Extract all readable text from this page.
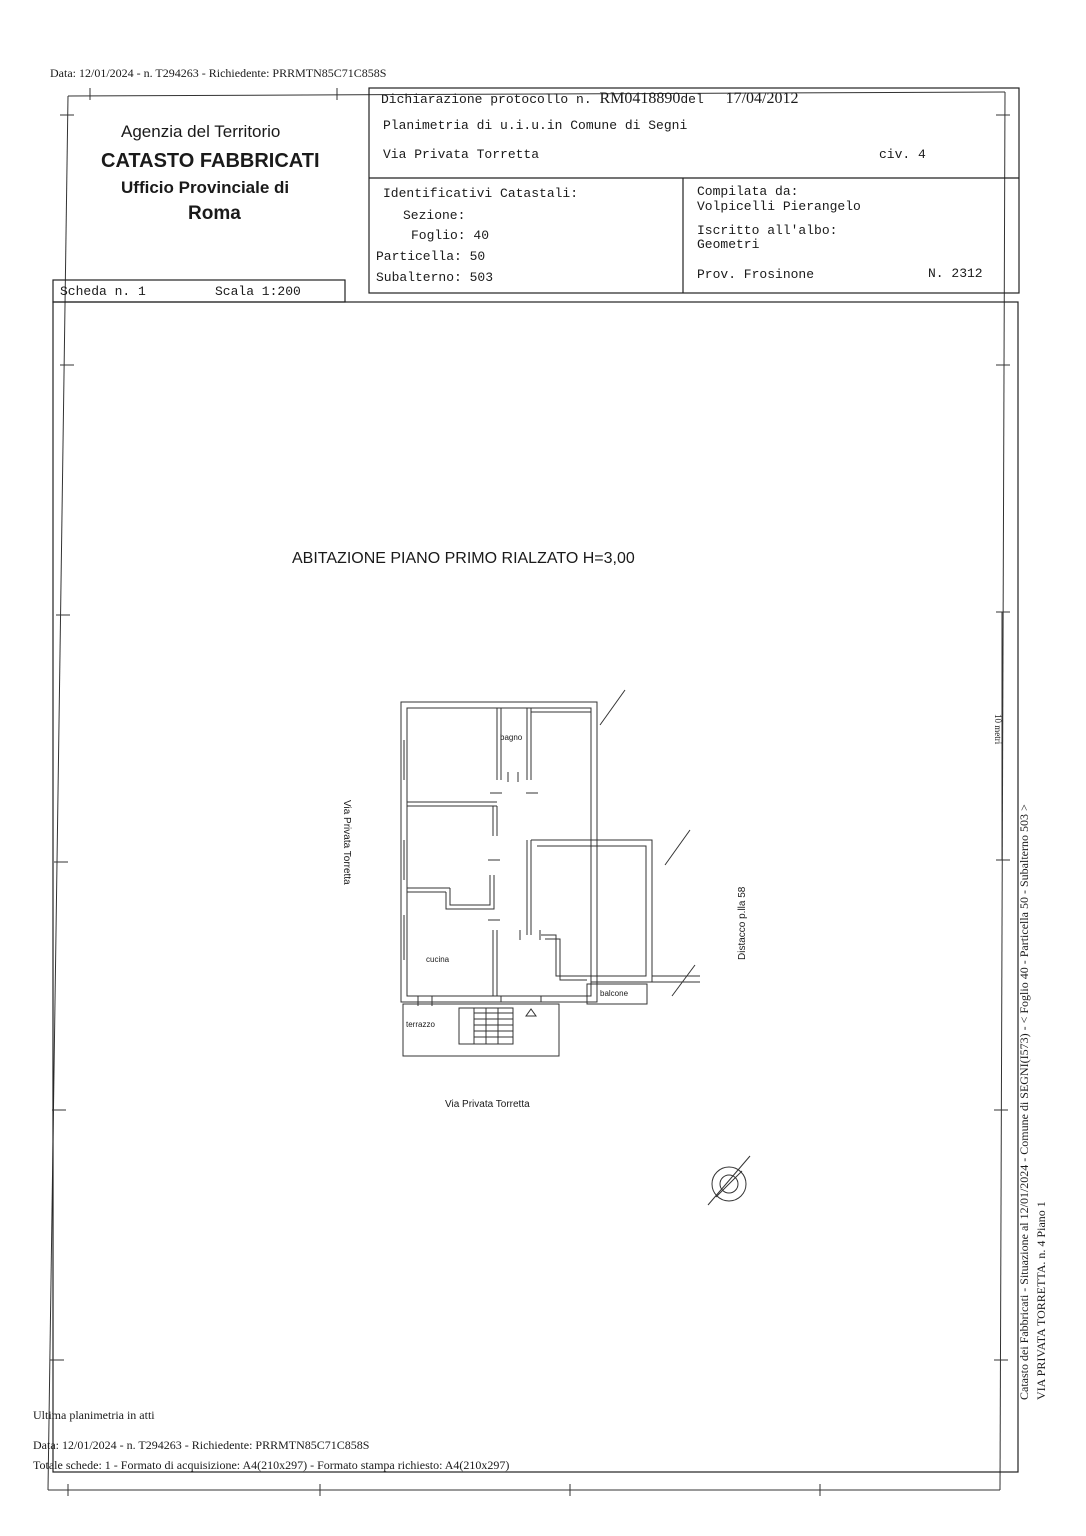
Data: 12/01/2024 - n. T294263 - Richiedente: PRRMTN85C71C858S
Agenzia del Territorio
CATASTO FABBRICATI
Ufficio Provinciale di
Roma
Dichiarazione protocollo n. RM0418890del 17/04/2012
Planimetria di u.i.u.in Comune di Segni
Via Privata Torretta	civ. 4
Identificativi Catastali:
Sezione:
Foglio: 40
Particella: 50
Subalterno: 503
Compilata da:
Volpicelli Pierangelo
Iscritto all'albo:
Geometri
Prov. Frosinone	N. 2312
Scheda n. 1	Scala 1:200
ABITAZIONE PIANO PRIMO RIALZATO H=3,00
bagno
cucina
balcone
terrazzo
Via Privata Torretta
Via Privata Torretta
Distacco p.lla 58
10 metri
Catasto dei Fabbricati - Situazione al 12/01/2024 - Comune di SEGNI(I573) - < Foglio 40 - Particella 50 - Subalterno 503 > VIA PRIVATA TORRETTA. n. 4 Piano 1
Ultima planimetria in atti
Data: 12/01/2024 - n. T294263 - Richiedente: PRRMTN85C71C858S
Totale schede: 1 - Formato di acquisizione: A4(210x297) - Formato stampa richiesto: A4(210x297)
